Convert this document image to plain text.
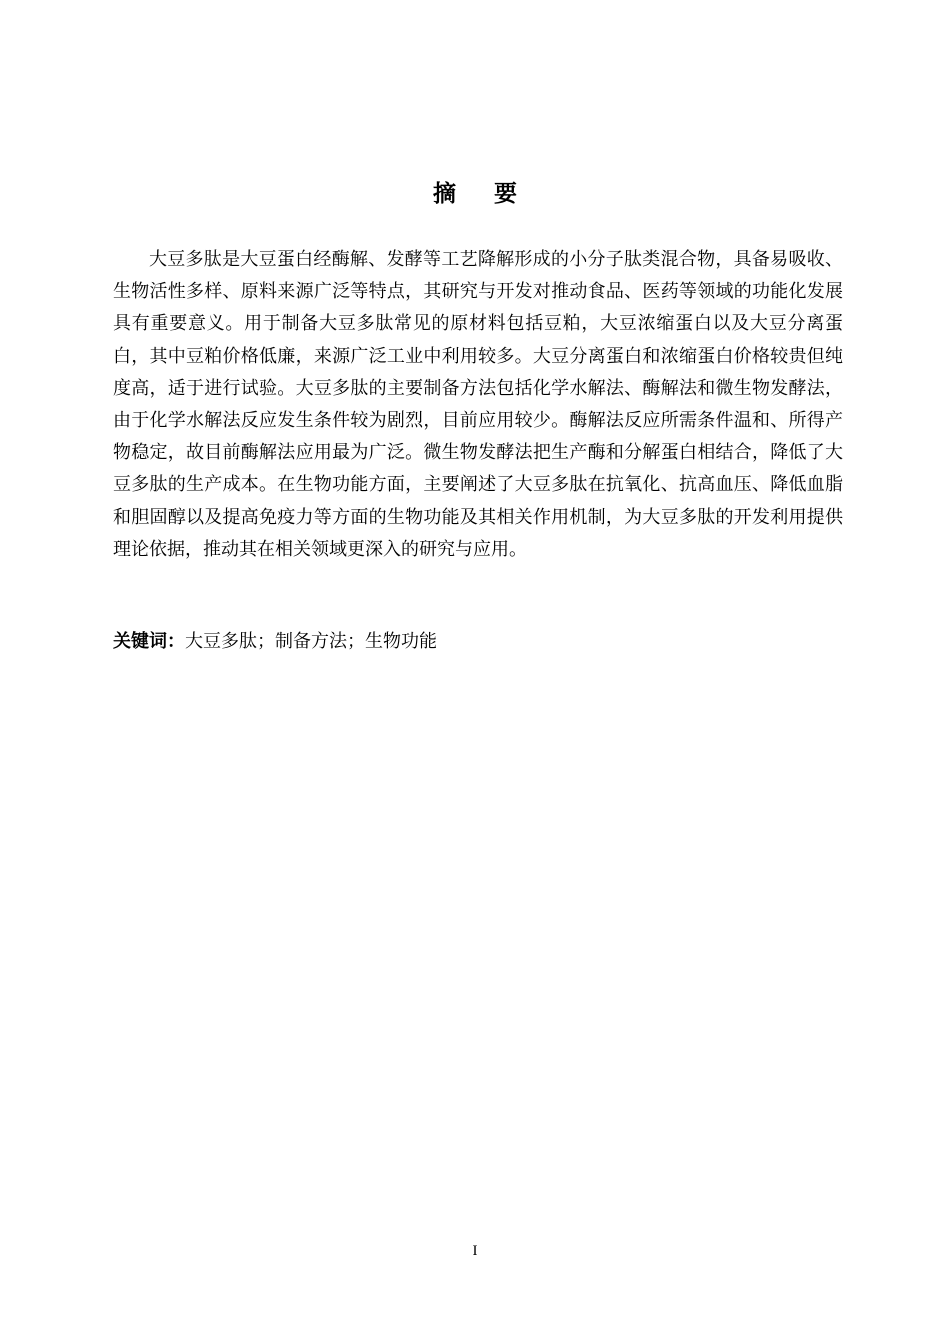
摘 要

大豆多肽是大豆蛋白经酶解、发酵等工艺降解形成的小分子肽类混合物，具备易吸收、生物活性多样、原料来源广泛等特点，其研究与开发对推动食品、医药等领域的功能化发展具有重要意义。用于制备大豆多肽常见的原材料包括豆粕，大豆浓缩蛋白以及大豆分离蛋白，其中豆粕价格低廉，来源广泛工业中利用较多。大豆分离蛋白和浓缩蛋白价格较贵但纯度高，适于进行试验。大豆多肽的主要制备方法包括化学水解法、酶解法和微生物发酵法，由于化学水解法反应发生条件较为剧烈，目前应用较少。酶解法反应所需条件温和、所得产物稳定，故目前酶解法应用最为广泛。微生物发酵法把生产酶和分解蛋白相结合，降低了大豆多肽的生产成本。在生物功能方面，主要阐述了大豆多肽在抗氧化、抗高血压、降低血脂和胆固醇以及提高免疫力等方面的生物功能及其相关作用机制，为大豆多肽的开发利用提供理论依据，推动其在相关领域更深入的研究与应用。

关键词：大豆多肽；制备方法；生物功能
I
